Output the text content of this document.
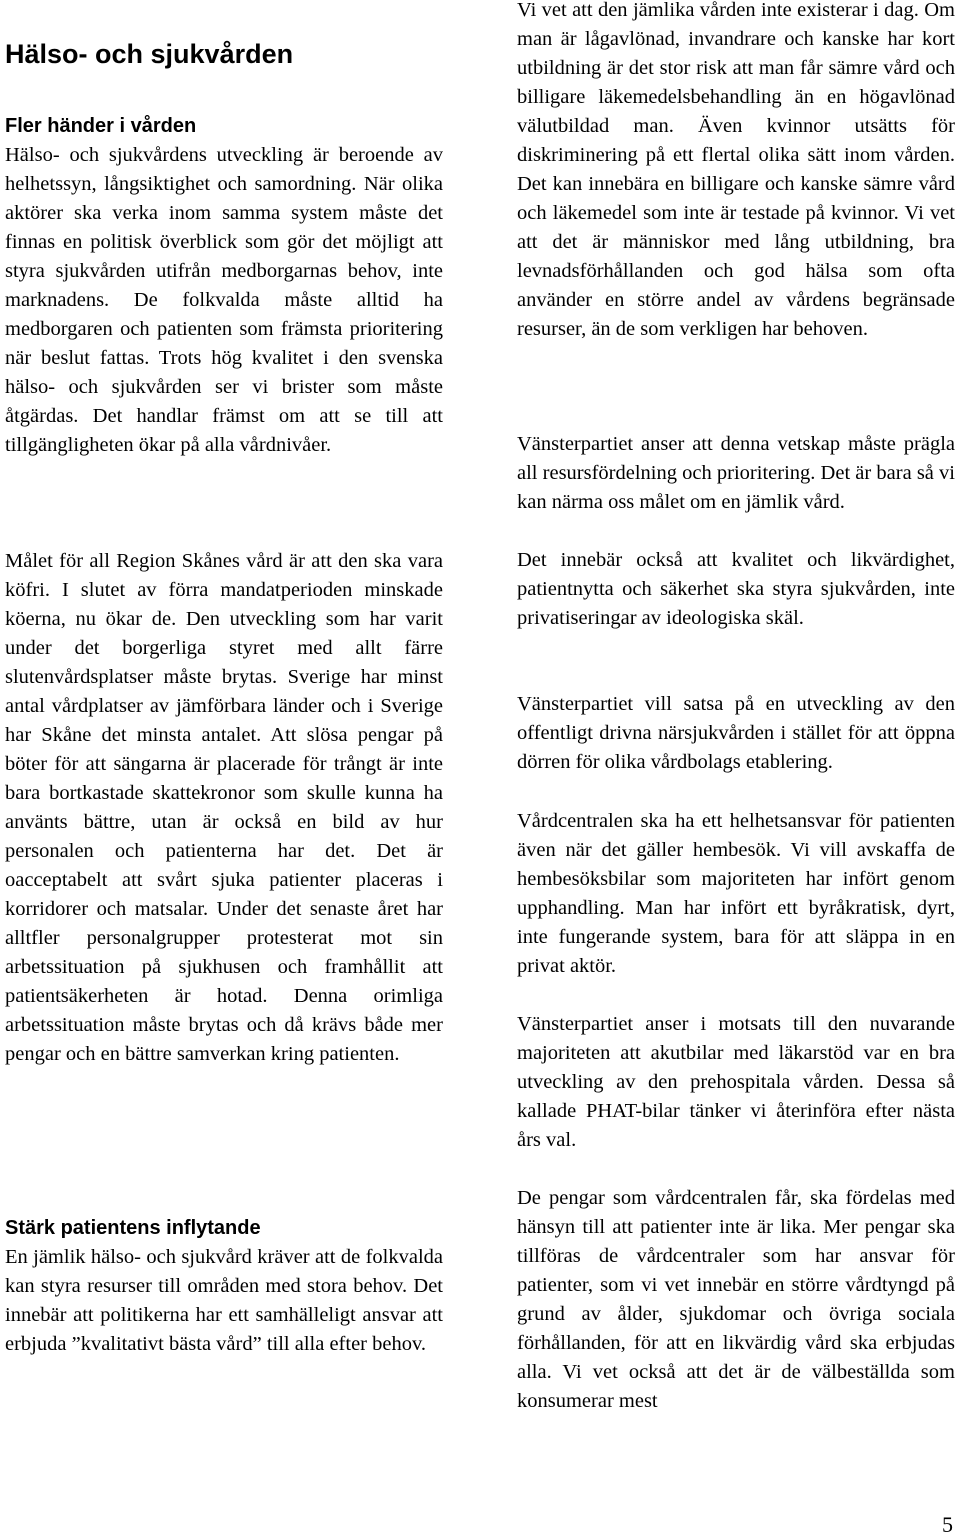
Hälso- och sjukvården
Fler händer i vården

Hälso- och sjukvårdens utveckling är beroende av helhetssyn, långsiktighet och samordning. När olika aktörer ska verka inom samma system måste det finnas en politisk överblick som gör det möjligt att styra sjukvården utifrån medborgarnas behov, inte marknadens. De folkvalda måste alltid ha medborgaren och patienten som främsta prioritering när beslut fattas. Trots hög kvalitet i den svenska hälso- och sjukvården ser vi brister som måste åtgärdas. Det handlar främst om att se till att tillgängligheten ökar på alla vårdnivåer.

Målet för all Region Skånes vård är att den ska vara köfri. I slutet av förra mandatperioden minskade köerna, nu ökar de. Den utveckling som har varit under det borgerliga styret med allt färre slutenvårdsplatser måste brytas. Sverige har minst antal vårdplatser av jämförbara länder och i Sverige har Skåne det minsta antalet. Att slösa pengar på böter för att sängarna är placerade för trångt är inte bara bortkastade skattekronor som skulle kunna ha använts bättre, utan är också en bild av hur personalen och patienterna har det. Det är oacceptabelt att svårt sjuka patienter placeras i korridorer och matsalar. Under det senaste året har alltfler personalgrupper protesterat mot sin arbetssituation på sjukhusen och framhållit att patientsäkerheten är hotad. Denna orimliga arbetssituation måste brytas och då krävs både mer pengar och en bättre samverkan kring patienten.

Stärk patientens inflytande

En jämlik hälso- och sjukvård kräver att de folkvalda kan styra resurser till områden med stora behov. Det innebär att politikerna har ett samhälleligt ansvar att erbjuda ”kvalitativt bästa vård” till alla efter behov.

Vi vet att den jämlika vården inte existerar i dag. Om man är lågavlönad, invandrare och kanske har kort utbildning är det stor risk att man får sämre vård och billigare läkemedelsbehandling än en högavlönad välutbildad man. Även kvinnor utsätts för diskriminering på ett flertal olika sätt inom vården. Det kan innebära en billigare och kanske sämre vård och läkemedel som inte är testade på kvinnor. Vi vet att det är människor med lång utbildning, bra levnadsförhållanden och god hälsa som ofta använder en större andel av vårdens begränsade resurser, än de som verkligen har behoven.

Vänsterpartiet anser att denna vetskap måste prägla all resursfördelning och prioritering. Det är bara så vi kan närma oss målet om en jämlik vård.

Det innebär också att kvalitet och likvärdighet, patientnytta och säkerhet ska styra sjukvården, inte privatiseringar av ideologiska skäl.

Vänsterpartiet vill satsa på en utveckling av den offentligt drivna närsjukvården i stället för att öppna dörren för olika vårdbolags etablering.

Vårdcentralen ska ha ett helhetsansvar för patienten även när det gäller hembesök. Vi vill avskaffa de hembesöksbilar som majoriteten har infört genom upphandling. Man har infört ett byråkratisk, dyrt, inte fungerande system, bara för att släppa in en privat aktör.

Vänsterpartiet anser i motsats till den nuvarande majoriteten att akutbilar med läkarstöd var en bra utveckling av den prehospitala vården. Dessa så kallade PHAT-bilar tänker vi återinföra efter nästa års val.

De pengar som vårdcentralen får, ska fördelas med hänsyn till att patienter inte är lika. Mer pengar ska tillföras de vårdcentraler som har ansvar för patienter, som vi vet innebär en större vårdtyngd på grund av ålder, sjukdomar och övriga sociala förhållanden, för att en likvärdig vård ska erbjudas alla. Vi vet också att det är de välbeställda som konsumerar mest

5
